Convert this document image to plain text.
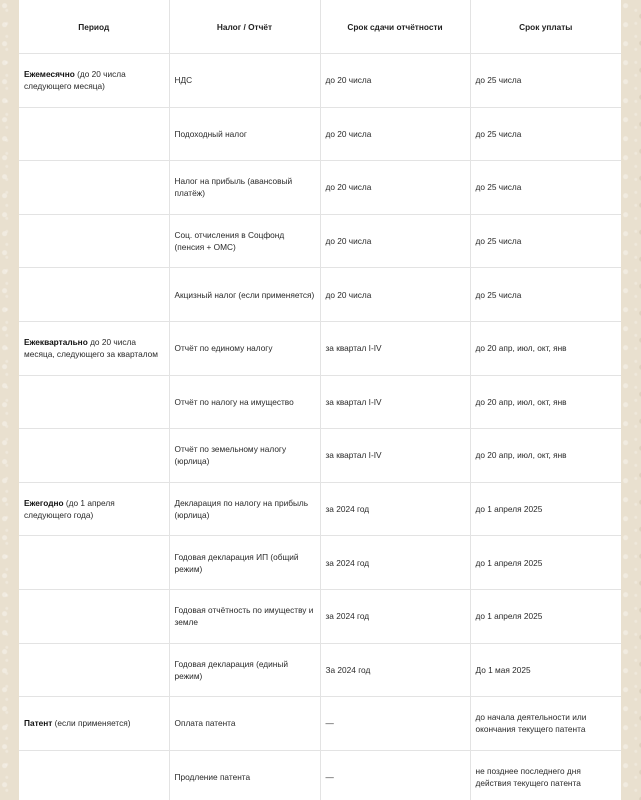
Период	Налог / Отчёт	Срок сдачи отчётности	Срок уплаты
Ежемесячно (до 20 числа следующего месяца)	НДС	до 20 числа	до 25 числа
	Подоходный налог	до 20 числа	до 25 числа
	Налог на прибыль (авансовый платёж)	до 20 числа	до 25 числа
	Соц. отчисления в Соцфонд (пенсия + ОМС)	до 20 числа	до 25 числа
	Акцизный налог (если применяется)	до 20 числа	до 25 числа
Ежеквартально до 20 числа месяца, следующего за кварталом	Отчёт по единому налогу	за квартал I-IV	до 20 апр, июл, окт, янв
	Отчёт по налогу на имущество	за квартал I-IV	до 20 апр, июл, окт, янв
	Отчёт по земельному налогу (юрлица)	за квартал I-IV	до 20 апр, июл, окт, янв
Ежегодно (до 1 апреля следующего года)	Декларация по налогу на прибыль (юрлица)	за 2024 год	до 1 апреля 2025
	Годовая декларация ИП (общий режим)	за 2024 год	до 1 апреля 2025
	Годовая отчётность по имуществу и земле	за 2024 год	до 1 апреля 2025
	Годовая декларация (единый режим)	За 2024 год	До 1 мая 2025
Патент (если применяется)	Оплата патента	—	до начала деятельности или окончания текущего патента
	Продление патента	—	не позднее последнего дня действия текущего патента
